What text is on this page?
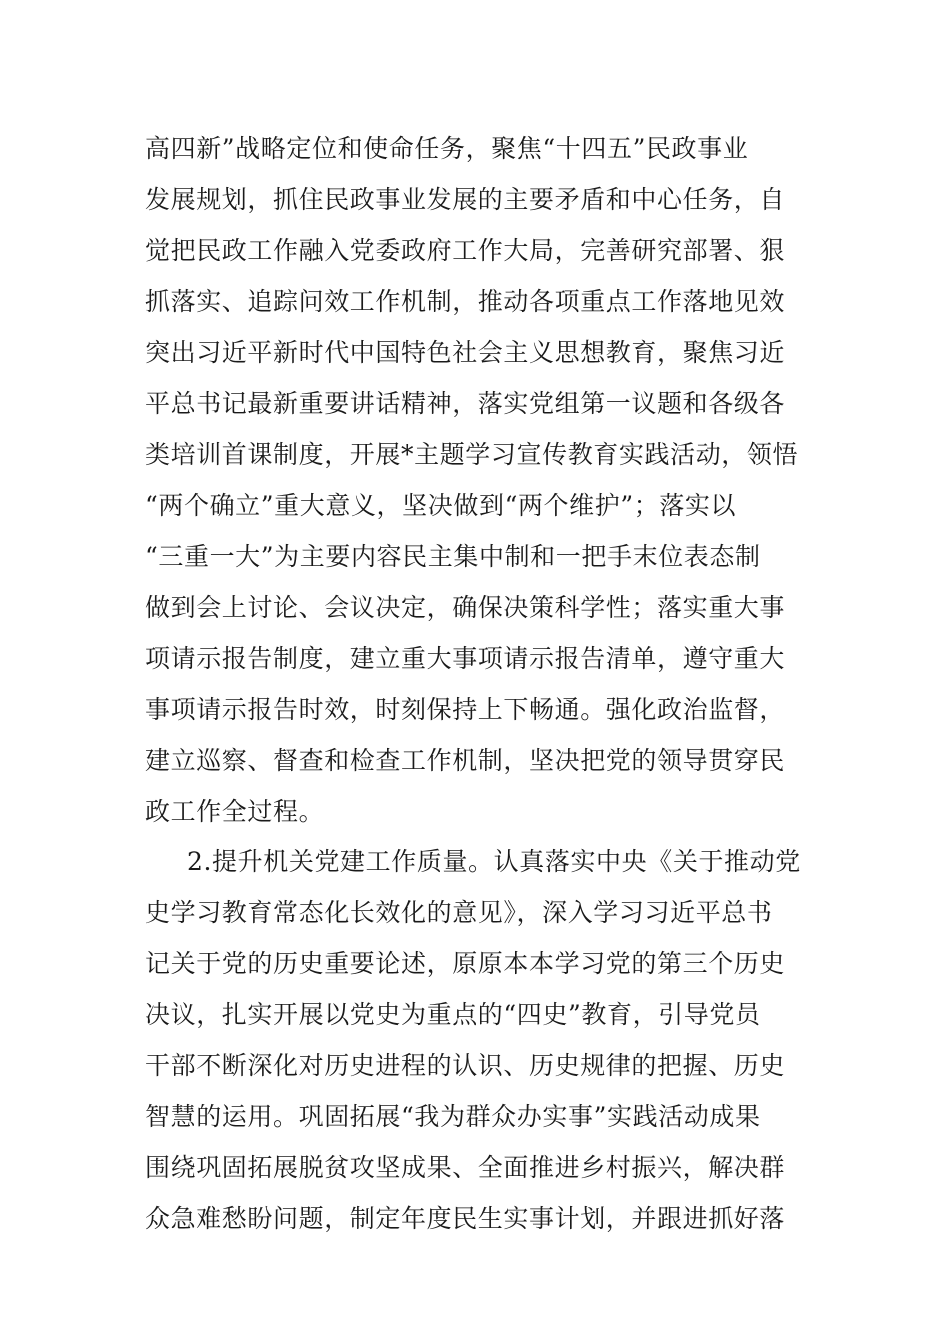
高四新”战略定位和使命任务，聚焦“十四五”民政事业
发展规划，抓住民政事业发展的主要矛盾和中心任务，自
觉把民政工作融入党委政府工作大局，完善研究部署、狠
抓落实、追踪问效工作机制，推动各项重点工作落地见效
突出习近平新时代中国特色社会主义思想教育，聚焦习近
平总书记最新重要讲话精神，落实党组第一议题和各级各
类培训首课制度，开展*主题学习宣传教育实践活动，领悟
“两个确立”重大意义，坚决做到“两个维护”；落实以
“三重一大”为主要内容民主集中制和一把手末位表态制
做到会上讨论、会议决定，确保决策科学性；落实重大事
项请示报告制度，建立重大事项请示报告清单，遵守重大
事项请示报告时效，时刻保持上下畅通。强化政治监督，
建立巡察、督查和检查工作机制，坚决把党的领导贯穿民
政工作全过程。
2.提升机关党建工作质量。认真落实中央《关于推动党
史学习教育常态化长效化的意见》，深入学习习近平总书
记关于党的历史重要论述，原原本本学习党的第三个历史
决议，扎实开展以党史为重点的“四史”教育，引导党员
干部不断深化对历史进程的认识、历史规律的把握、历史
智慧的运用。巩固拓展“我为群众办实事”实践活动成果
围绕巩固拓展脱贫攻坚成果、全面推进乡村振兴，解决群
众急难愁盼问题，制定年度民生实事计划，并跟进抓好落
